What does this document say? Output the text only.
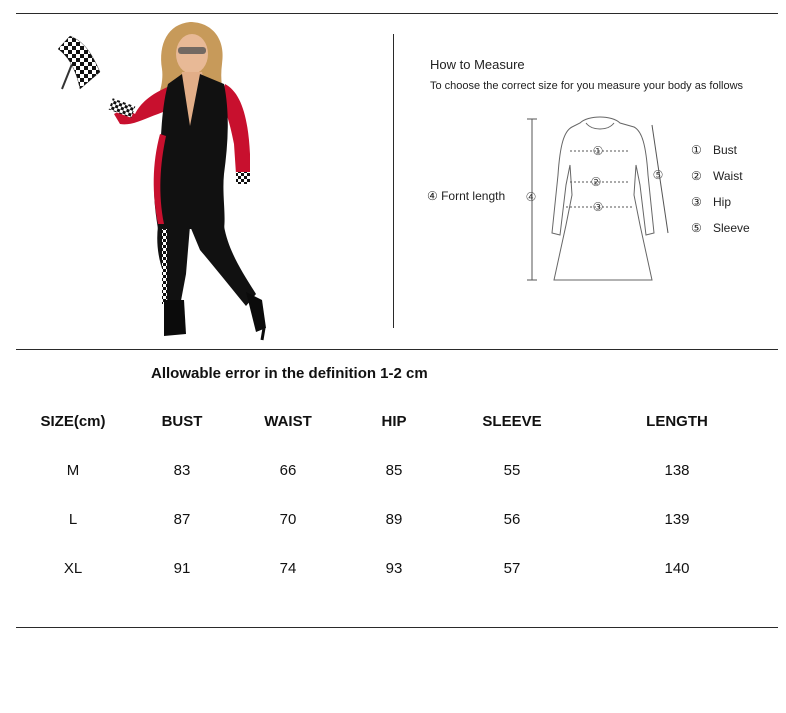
How to Measure
To choose the correct size for you measure your body as follows
①
②
③
④
⑤
④ Fornt length
① Bust
② Waist
③ Hip
⑤ Sleeve
Allowable error in the definition 1-2 cm
SIZE(cm)	BUST	WAIST	HIP	SLEEVE	LENGTH
M	83	66	85	55	138
L	87	70	89	56	139
XL	91	74	93	57	140
